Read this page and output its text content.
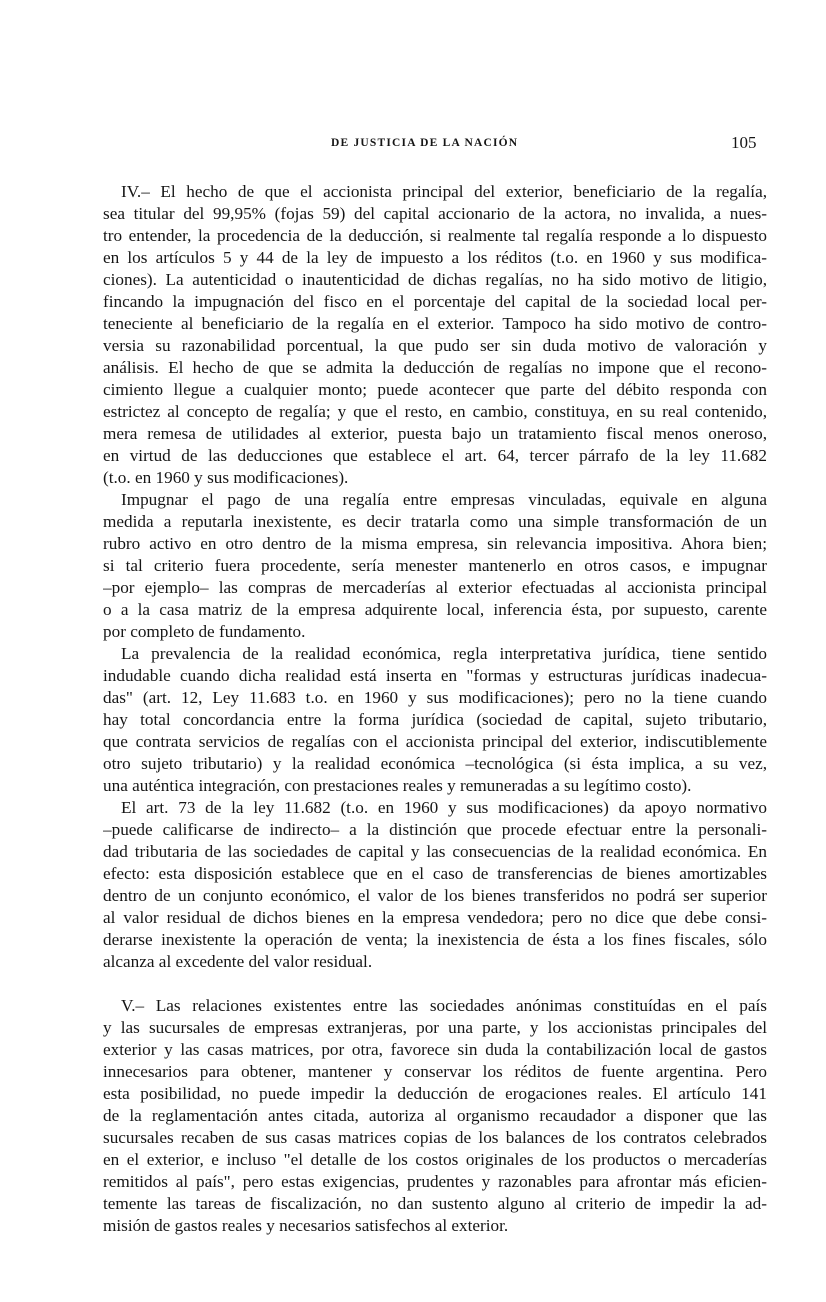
DE JUSTICIA DE LA NACIÓN	105
IV.– El hecho de que el accionista principal del exterior, beneficiario de la regalía,
sea titular del 99,95% (fojas 59) del capital accionario de la actora, no invalida, a nues-
tro entender, la procedencia de la deducción, si realmente tal regalía responde a lo dispuesto
en los artículos 5 y 44 de la ley de impuesto a los réditos (t.o. en 1960 y sus modifica-
ciones). La autenticidad o inautenticidad de dichas regalías, no ha sido motivo de litigio,
fincando la impugnación del fisco en el porcentaje del capital de la sociedad local per-
teneciente al beneficiario de la regalía en el exterior. Tampoco ha sido motivo de contro-
versia su razonabilidad porcentual, la que pudo ser sin duda motivo de valoración y
análisis. El hecho de que se admita la deducción de regalías no impone que el recono-
cimiento llegue a cualquier monto; puede acontecer que parte del débito responda con
estrictez al concepto de regalía; y que el resto, en cambio, constituya, en su real contenido,
mera remesa de utilidades al exterior, puesta bajo un tratamiento fiscal menos oneroso,
en virtud de las deducciones que establece el art. 64, tercer párrafo de la ley 11.682
(t.o. en 1960 y sus modificaciones).
Impugnar el pago de una regalía entre empresas vinculadas, equivale en alguna
medida a reputarla inexistente, es decir tratarla como una simple transformación de un
rubro activo en otro dentro de la misma empresa, sin relevancia impositiva. Ahora bien;
si tal criterio fuera procedente, sería menester mantenerlo en otros casos, e impugnar
–por ejemplo– las compras de mercaderías al exterior efectuadas al accionista principal
o a la casa matriz de la empresa adquirente local, inferencia ésta, por supuesto, carente
por completo de fundamento.
La prevalencia de la realidad económica, regla interpretativa jurídica, tiene sentido
indudable cuando dicha realidad está inserta en "formas y estructuras jurídicas inadecua-
das" (art. 12, Ley 11.683 t.o. en 1960 y sus modificaciones); pero no la tiene cuando
hay total concordancia entre la forma jurídica (sociedad de capital, sujeto tributario,
que contrata servicios de regalías con el accionista principal del exterior, indiscutiblemente
otro sujeto tributario) y la realidad económica –tecnológica (si ésta implica, a su vez,
una auténtica integración, con prestaciones reales y remuneradas a su legítimo costo).
El art. 73 de la ley 11.682 (t.o. en 1960 y sus modificaciones) da apoyo normativo
–puede calificarse de indirecto– a la distinción que procede efectuar entre la personali-
dad tributaria de las sociedades de capital y las consecuencias de la realidad económica. En
efecto: esta disposición establece que en el caso de transferencias de bienes amortizables
dentro de un conjunto económico, el valor de los bienes transferidos no podrá ser superior
al valor residual de dichos bienes en la empresa vendedora; pero no dice que debe consi-
derarse inexistente la operación de venta; la inexistencia de ésta a los fines fiscales, sólo
alcanza al excedente del valor residual.
V.– Las relaciones existentes entre las sociedades anónimas constituídas en el país
y las sucursales de empresas extranjeras, por una parte, y los accionistas principales del
exterior y las casas matrices, por otra, favorece sin duda la contabilización local de gastos
innecesarios para obtener, mantener y conservar los réditos de fuente argentina. Pero
esta posibilidad, no puede impedir la deducción de erogaciones reales. El artículo 141
de la reglamentación antes citada, autoriza al organismo recaudador a disponer que las
sucursales recaben de sus casas matrices copias de los balances de los contratos celebrados
en el exterior, e incluso "el detalle de los costos originales de los productos o mercaderías
remitidos al país", pero estas exigencias, prudentes y razonables para afrontar más eficien-
temente las tareas de fiscalización, no dan sustento alguno al criterio de impedir la ad-
misión de gastos reales y necesarios satisfechos al exterior.
